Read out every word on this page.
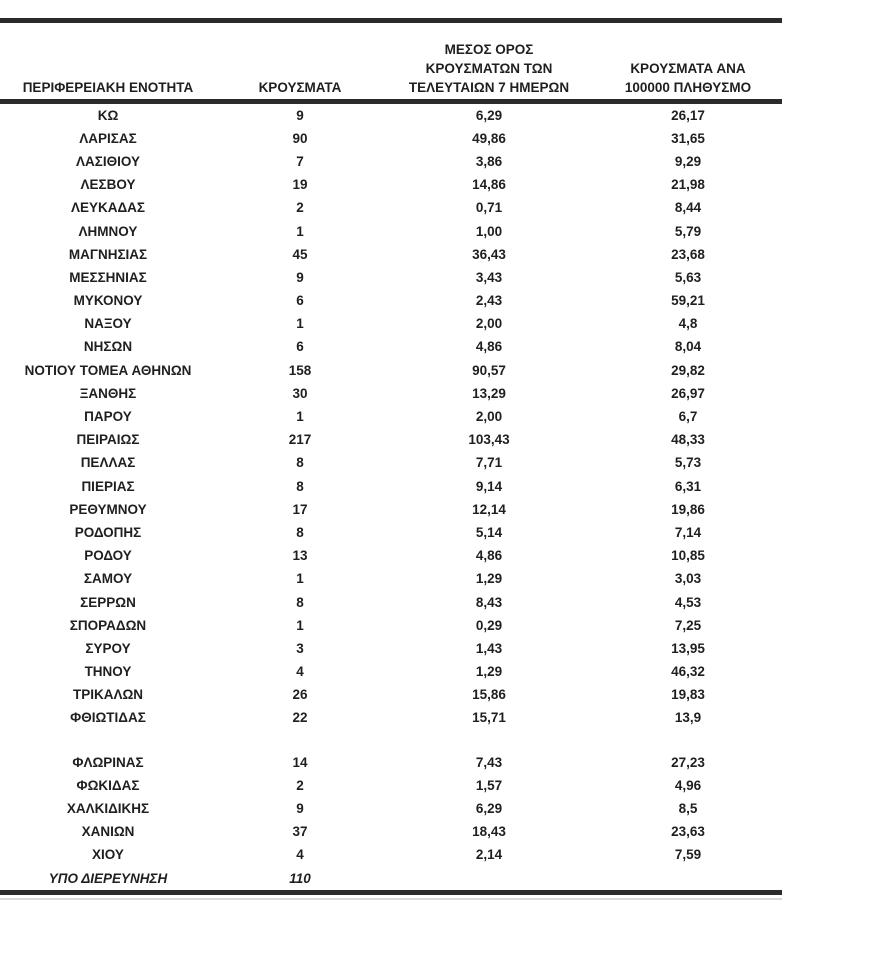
ΠΕΡΙΦΕΡΕΙΑΚΗ ΕΝΟΤΗΤΑ	ΚΡΟΥΣΜΑΤΑ	ΜΕΣΟΣ ΟΡΟΣ
ΚΡΟΥΣΜΑΤΩΝ ΤΩΝ
ΤΕΛΕΥΤΑΙΩΝ 7 ΗΜΕΡΩΝ	ΚΡΟΥΣΜΑΤΑ ΑΝΑ
100000 ΠΛΗΘΥΣΜΟ

ΚΩ	9	6,29	26,17
ΛΑΡΙΣΑΣ	90	49,86	31,65
ΛΑΣΙΘΙΟΥ	7	3,86	9,29
ΛΕΣΒΟΥ	19	14,86	21,98
ΛΕΥΚΑΔΑΣ	2	0,71	8,44
ΛΗΜΝΟΥ	1	1,00	5,79
ΜΑΓΝΗΣΙΑΣ	45	36,43	23,68
ΜΕΣΣΗΝΙΑΣ	9	3,43	5,63
ΜΥΚΟΝΟΥ	6	2,43	59,21
ΝΑΞΟΥ	1	2,00	4,8
ΝΗΣΩΝ	6	4,86	8,04
ΝΟΤΙΟΥ ΤΟΜΕΑ ΑΘΗΝΩΝ	158	90,57	29,82
ΞΑΝΘΗΣ	30	13,29	26,97
ΠΑΡΟΥ	1	2,00	6,7
ΠΕΙΡΑΙΩΣ	217	103,43	48,33
ΠΕΛΛΑΣ	8	7,71	5,73
ΠΙΕΡΙΑΣ	8	9,14	6,31
ΡΕΘΥΜΝΟΥ	17	12,14	19,86
ΡΟΔΟΠΗΣ	8	5,14	7,14
ΡΟΔΟΥ	13	4,86	10,85
ΣΑΜΟΥ	1	1,29	3,03
ΣΕΡΡΩΝ	8	8,43	4,53
ΣΠΟΡΑΔΩΝ	1	0,29	7,25
ΣΥΡΟΥ	3	1,43	13,95
ΤΗΝΟΥ	4	1,29	46,32
ΤΡΙΚΑΛΩΝ	26	15,86	19,83
ΦΘΙΩΤΙΔΑΣ	22	15,71	13,9

ΦΛΩΡΙΝΑΣ	14	7,43	27,23
ΦΩΚΙΔΑΣ	2	1,57	4,96
ΧΑΛΚΙΔΙΚΗΣ	9	6,29	8,5
ΧΑΝΙΩΝ	37	18,43	23,63
ΧΙΟΥ	4	2,14	7,59
ΥΠΟ ΔΙΕΡΕΥΝΗΣΗ	110		
